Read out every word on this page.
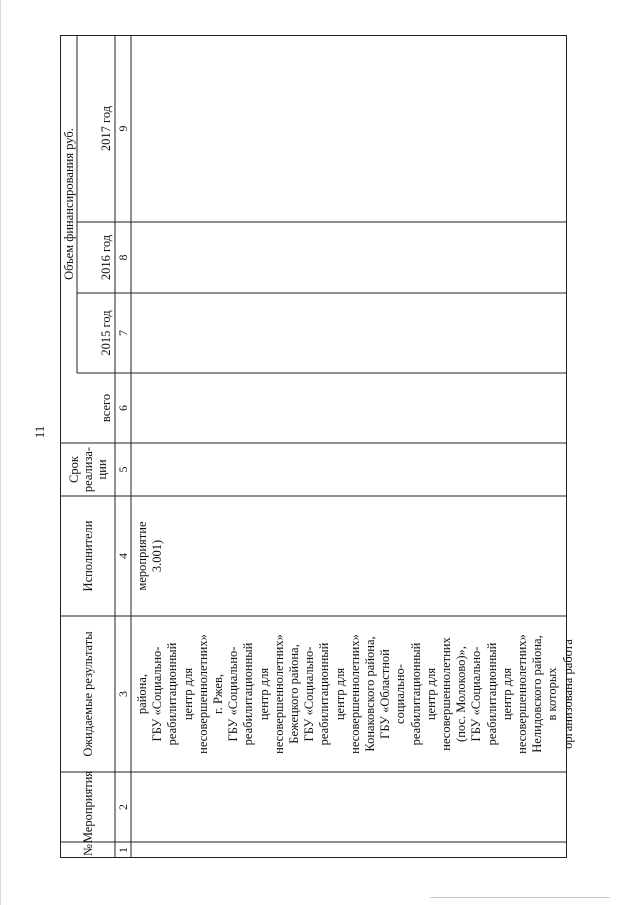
11
№
Мероприятия
Ожидаемые результаты
Исполнители
Срок реализа-ции
Объем финансирования руб.
всего
2015 год
2016 год
2017 год
1
2
3
4
5
6
7
8
9
района,
ГБУ «Социально-
реабилитационный
центр для
несовершеннолетних»
г. Ржев,
ГБУ «Социально-
реабилитационный
центр для
несовершеннолетних»
Бежецкого района,
ГБУ «Социально-
реабилитационный
центр для
несовершеннолетних»
Конаковского района,
ГБУ «Областной
социально-
реабилитационный
центр для
несовершеннолетних
(пос. Молоково)»,
ГБУ «Социально-
реабилитационный
центр для
несовершеннолетних»
Нелидовского района,
в которых
организована работа
мероприятие
3.001)
